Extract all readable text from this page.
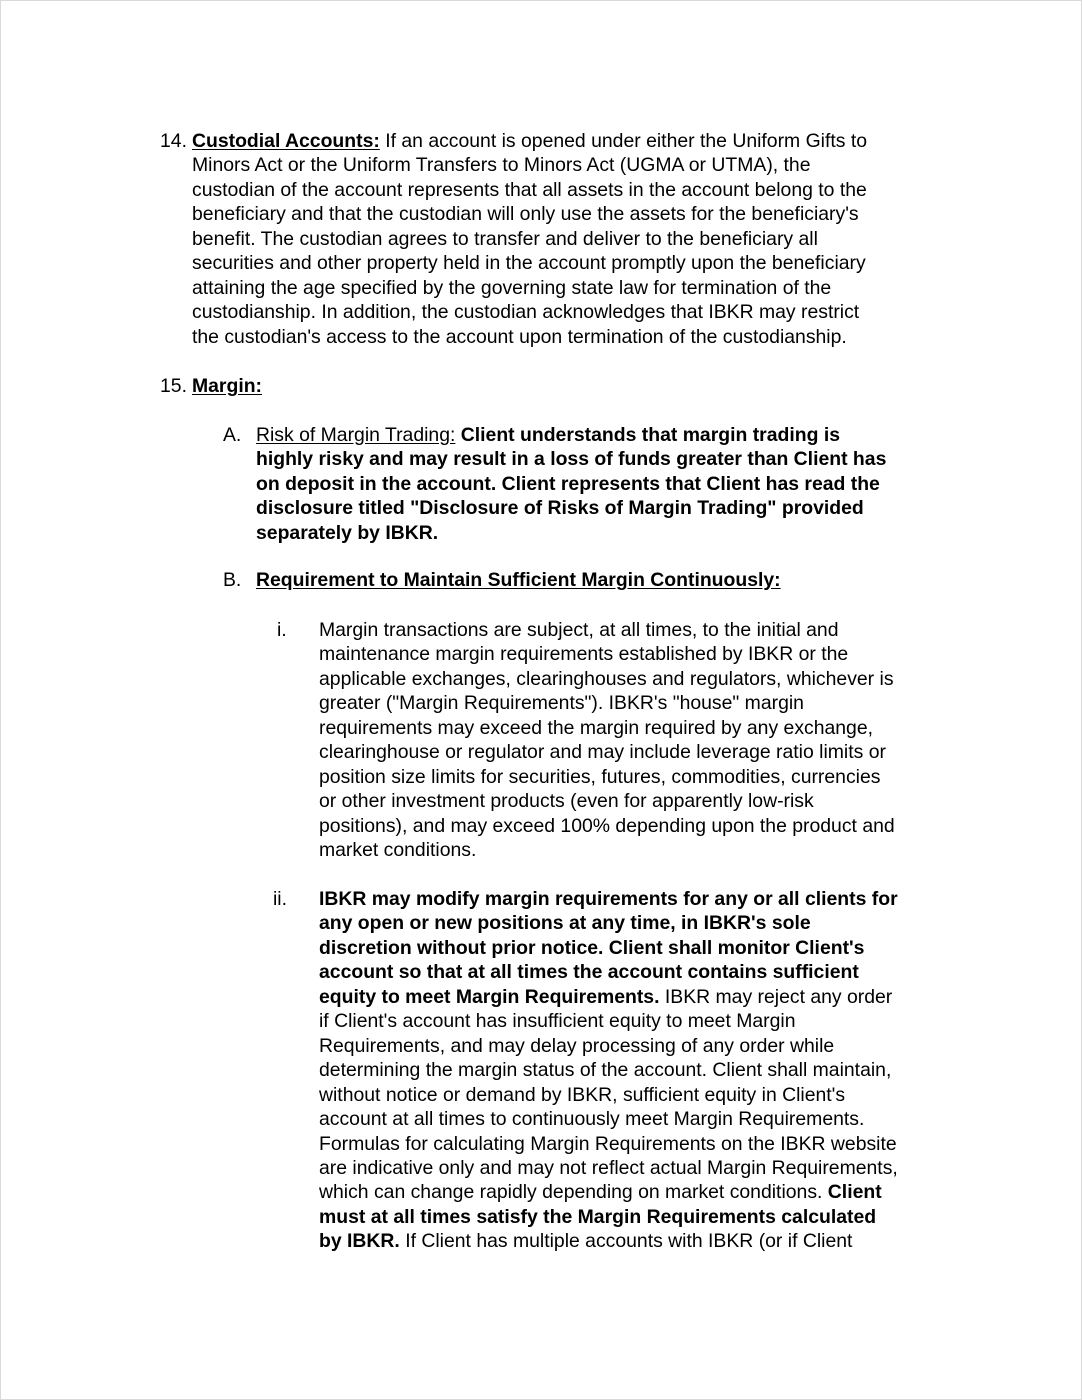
14. Custodial Accounts: If an account is opened under either the Uniform Gifts to
Minors Act or the Uniform Transfers to Minors Act (UGMA or UTMA), the
custodian of the account represents that all assets in the account belong to the
beneficiary and that the custodian will only use the assets for the beneficiary's
benefit. The custodian agrees to transfer and deliver to the beneficiary all
securities and other property held in the account promptly upon the beneficiary
attaining the age specified by the governing state law for termination of the
custodianship. In addition, the custodian acknowledges that IBKR may restrict
the custodian's access to the account upon termination of the custodianship.
15. Margin:
A. Risk of Margin Trading: Client understands that margin trading is
highly risky and may result in a loss of funds greater than Client has
on deposit in the account. Client represents that Client has read the
disclosure titled "Disclosure of Risks of Margin Trading" provided
separately by IBKR.
B. Requirement to Maintain Sufficient Margin Continuously:
i. Margin transactions are subject, at all times, to the initial and
maintenance margin requirements established by IBKR or the
applicable exchanges, clearinghouses and regulators, whichever is
greater ("Margin Requirements"). IBKR's "house" margin
requirements may exceed the margin required by any exchange,
clearinghouse or regulator and may include leverage ratio limits or
position size limits for securities, futures, commodities, currencies
or other investment products (even for apparently low-risk
positions), and may exceed 100% depending upon the product and
market conditions.
ii. IBKR may modify margin requirements for any or all clients for
any open or new positions at any time, in IBKR's sole
discretion without prior notice. Client shall monitor Client's
account so that at all times the account contains sufficient
equity to meet Margin Requirements. IBKR may reject any order
if Client's account has insufficient equity to meet Margin
Requirements, and may delay processing of any order while
determining the margin status of the account. Client shall maintain,
without notice or demand by IBKR, sufficient equity in Client's
account at all times to continuously meet Margin Requirements.
Formulas for calculating Margin Requirements on the IBKR website
are indicative only and may not reflect actual Margin Requirements,
which can change rapidly depending on market conditions. Client
must at all times satisfy the Margin Requirements calculated
by IBKR. If Client has multiple accounts with IBKR (or if Client
